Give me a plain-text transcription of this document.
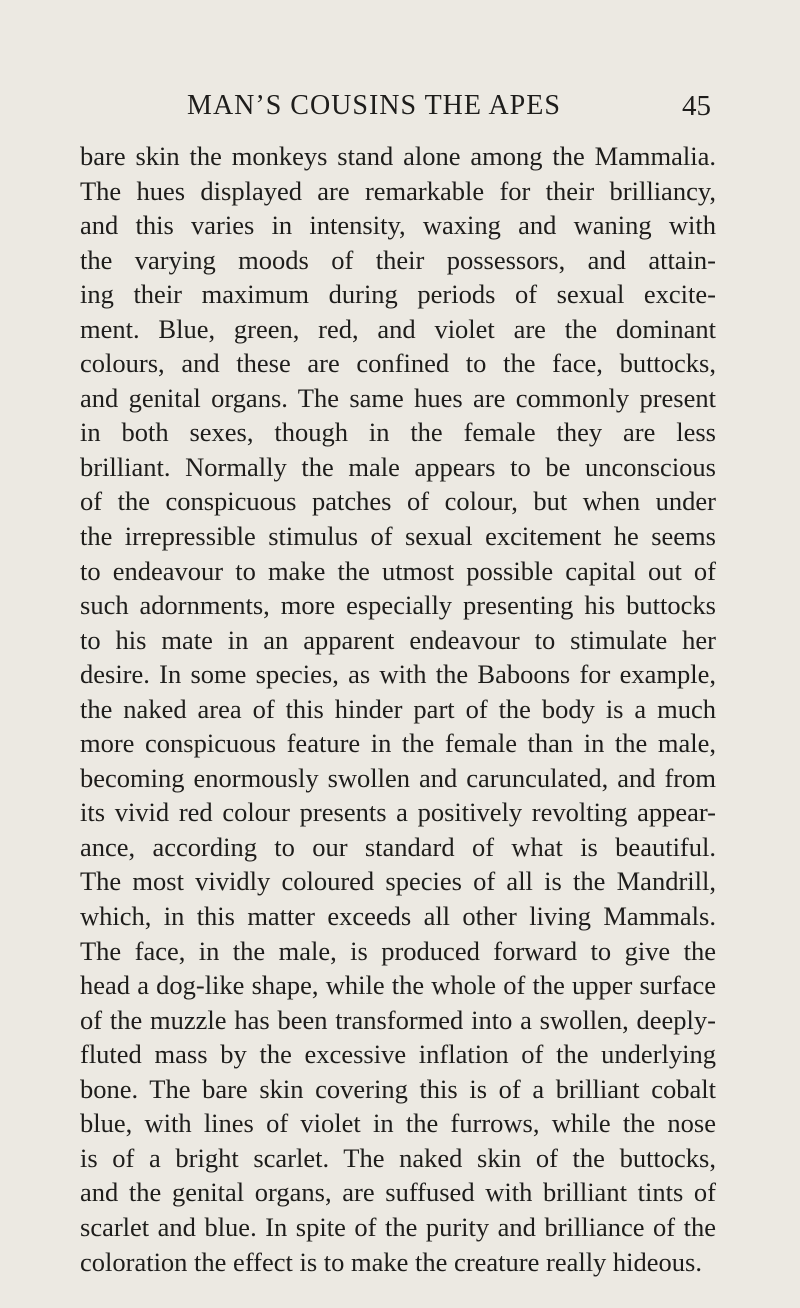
MAN’S COUSINS THE APES	45
bare skin the monkeys stand alone among the Mammalia.
The hues displayed are remarkable for their brilliancy,
and this varies in intensity, waxing and waning with
the varying moods of their possessors, and attain-
ing their maximum during periods of sexual excite-
ment. Blue, green, red, and violet are the dominant
colours, and these are confined to the face, buttocks,
and genital organs. The same hues are commonly present
in both sexes, though in the female they are less
brilliant. Normally the male appears to be unconscious
of the conspicuous patches of colour, but when under
the irrepressible stimulus of sexual excitement he seems
to endeavour to make the utmost possible capital out of
such adornments, more especially presenting his buttocks
to his mate in an apparent endeavour to stimulate her
desire. In some species, as with the Baboons for example,
the naked area of this hinder part of the body is a much
more conspicuous feature in the female than in the male,
becoming enormously swollen and carunculated, and from
its vivid red colour presents a positively revolting appear-
ance, according to our standard of what is beautiful.
The most vividly coloured species of all is the Mandrill,
which, in this matter exceeds all other living Mammals.
The face, in the male, is produced forward to give the
head a dog-like shape, while the whole of the upper surface
of the muzzle has been transformed into a swollen, deeply-
fluted mass by the excessive inflation of the underlying
bone. The bare skin covering this is of a brilliant cobalt
blue, with lines of violet in the furrows, while the nose
is of a bright scarlet. The naked skin of the buttocks,
and the genital organs, are suffused with brilliant tints of
scarlet and blue. In spite of the purity and brilliance of the
coloration the effect is to make the creature really hideous.
